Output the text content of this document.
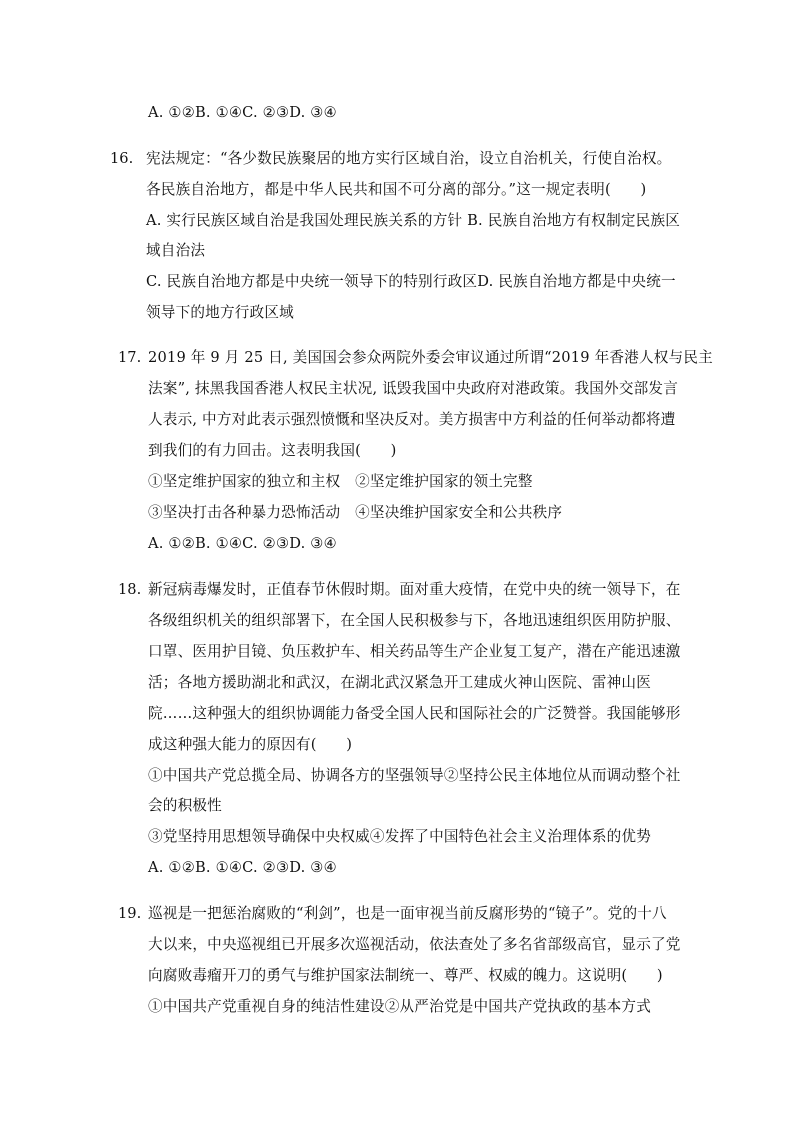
A. ①②B. ①④C. ②③D. ③④
16. 宪法规定：“各少数民族聚居的地方实行区域自治，设立自治机关，行使自治权。
各民族自治地方，都是中华人民共和国不可分离的部分。”这一规定表明(　　)
A. 实行民族区域自治是我国处理民族关系的方针 B. 民族自治地方有权制定民族区
域自治法
C. 民族自治地方都是中央统一领导下的特别行政区D. 民族自治地方都是中央统一
领导下的地方行政区域
17. 2019 年 9 月 25 日, 美国国会参众两院外委会审议通过所谓“2019 年香港人权与民主
法案”, 抹黑我国香港人权民主状况, 诋毁我国中央政府对港政策。我国外交部发言
人表示, 中方对此表示强烈愤慨和坚决反对。美方损害中方利益的任何举动都将遭
到我们的有力回击。这表明我国(　　)
①坚定维护国家的独立和主权　②坚定维护国家的领土完整
③坚决打击各种暴力恐怖活动　④坚决维护国家安全和公共秩序
A. ①②B. ①④C. ②③D. ③④
18. 新冠病毒爆发时，正值春节休假时期。面对重大疫情，在党中央的统一领导下，在
各级组织机关的组织部署下，在全国人民积极参与下，各地迅速组织医用防护服、
口罩、医用护目镜、负压救护车、相关药品等生产企业复工复产，潜在产能迅速激
活；各地方援助湖北和武汉，在湖北武汉紧急开工建成火神山医院、雷神山医
院……这种强大的组织协调能力备受全国人民和国际社会的广泛赞誉。我国能够形
成这种强大能力的原因有(　　)
①中国共产党总揽全局、协调各方的坚强领导②坚持公民主体地位从而调动整个社
会的积极性
③党坚持用思想领导确保中央权威④发挥了中国特色社会主义治理体系的优势
A. ①②B. ①④C. ②③D. ③④
19. 巡视是一把惩治腐败的“利剑”，也是一面审视当前反腐形势的“镜子”。党的十八
大以来，中央巡视组已开展多次巡视活动，依法查处了多名省部级高官，显示了党
向腐败毒瘤开刀的勇气与维护国家法制统一、尊严、权威的魄力。这说明(　　)
①中国共产党重视自身的纯洁性建设②从严治党是中国共产党执政的基本方式
